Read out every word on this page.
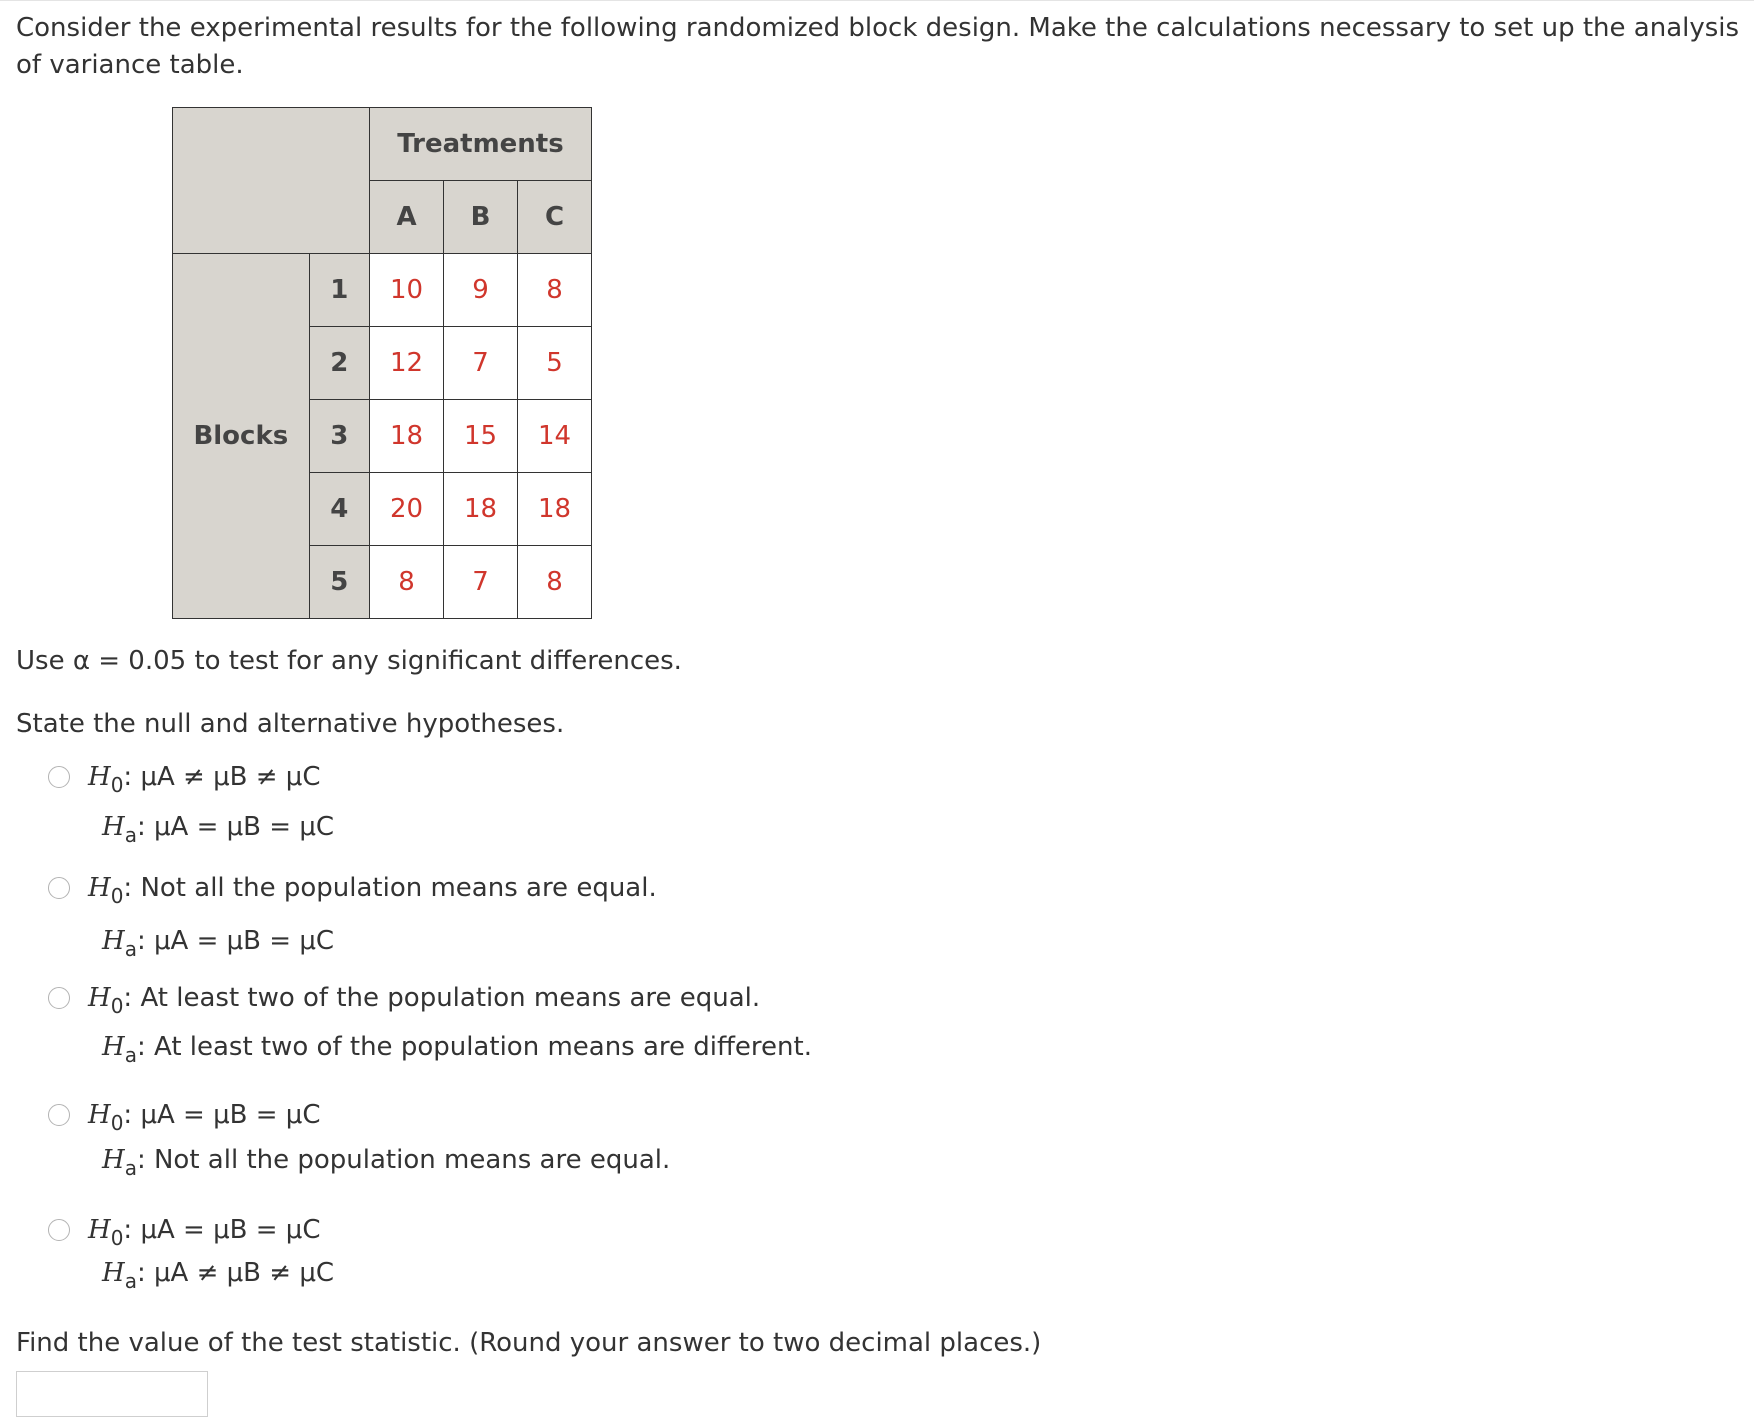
Consider the experimental results for the following randomized block design. Make the calculations necessary to set up the analysis of variance table.
		Treatments		
		A	B	C
Blocks	1	10	9	8
	2	12	7	5
	3	18	15	14
	4	20	18	18
	5	8	7	8
Use α = 0.05 to test for any significant differences.
State the null and alternative hypotheses.
$H_0$: μA ≠ μB ≠ μC
$H_a$: μA = μB = μC
$H_0$: Not all the population means are equal.
$H_a$: μA = μB = μC
$H_0$: At least two of the population means are equal.
$H_a$: At least two of the population means are different.
$H_0$: μA = μB = μC
$H_a$: Not all the population means are equal.
$H_0$: μA = μB = μC
$H_a$: μA ≠ μB ≠ μC
Find the value of the test statistic. (Round your answer to two decimal places.)
